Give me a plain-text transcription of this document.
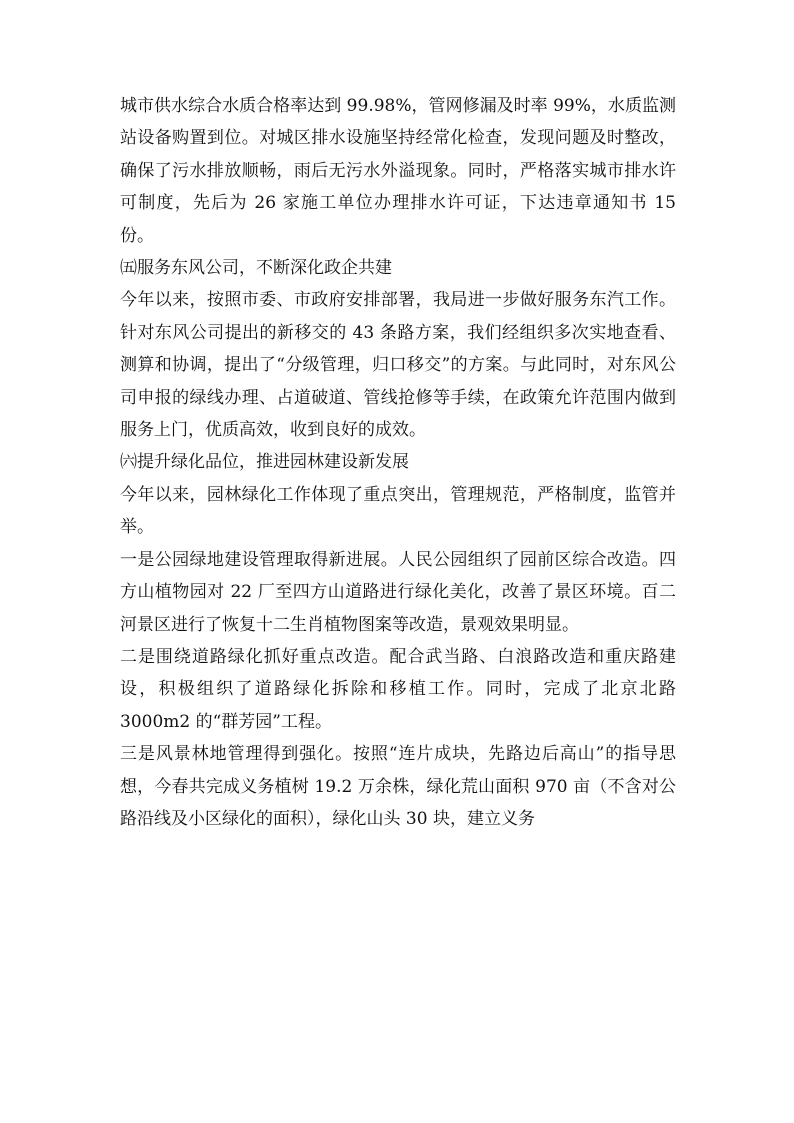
城市供水综合水质合格率达到 99.98%，管网修漏及时率 99%，水质监测站设备购置到位。对城区排水设施坚持经常化检查，发现问题及时整改，确保了污水排放顺畅，雨后无污水外溢现象。同时，严格落实城市排水许可制度，先后为 26 家施工单位办理排水许可证，下达违章通知书 15 份。

㈤服务东风公司，不断深化政企共建

今年以来，按照市委、市政府安排部署，我局进一步做好服务东汽工作。针对东风公司提出的新移交的 43 条路方案，我们经组织多次实地查看、测算和协调，提出了“分级管理，归口移交”的方案。与此同时，对东风公司申报的绿线办理、占道破道、管线抢修等手续，在政策允许范围内做到服务上门，优质高效，收到良好的成效。

㈥提升绿化品位，推进园林建设新发展

今年以来，园林绿化工作体现了重点突出，管理规范，严格制度，监管并举。

一是公园绿地建设管理取得新进展。人民公园组织了园前区综合改造。四方山植物园对 22 厂至四方山道路进行绿化美化，改善了景区环境。百二河景区进行了恢复十二生肖植物图案等改造，景观效果明显。

二是围绕道路绿化抓好重点改造。配合武当路、白浪路改造和重庆路建设，积极组织了道路绿化拆除和移植工作。同时，完成了北京北路 3000m2 的“群芳园”工程。

三是风景林地管理得到强化。按照“连片成块，先路边后高山”的指导思想，今春共完成义务植树 19.2 万余株，绿化荒山面积 970 亩（不含对公路沿线及小区绿化的面积），绿化山头 30 块，建立义务
